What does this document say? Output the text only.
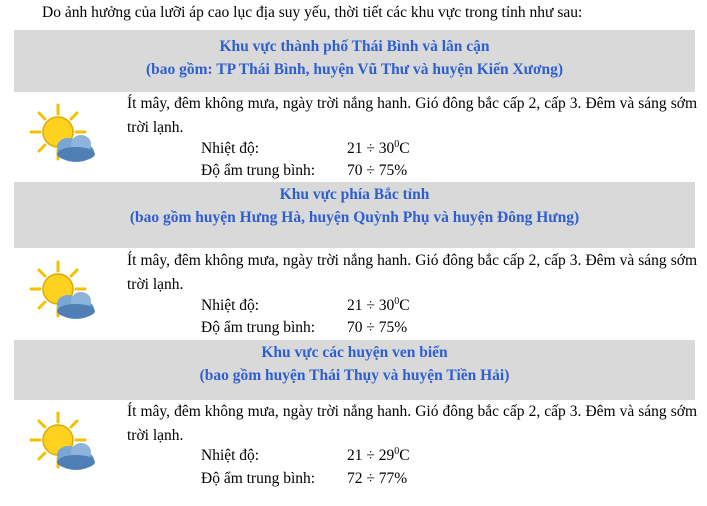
Do ảnh hưởng của lưỡi áp cao lục địa suy yếu, thời tiết các khu vực trong tỉnh như sau:
Khu vực thành phố Thái Bình và lân cận
(bao gồm: TP Thái Bình, huyện Vũ Thư và huyện Kiến Xương)
Ít mây, đêm không mưa, ngày trời nắng hanh. Gió đông bắc cấp 2, cấp 3. Đêm và sáng sớm trời lạnh.
Nhiệt độ:	$21 \div 30^0C$
Độ ẩm trung bình: 70 ÷ 75%
Khu vực phía Bắc tỉnh
(bao gồm huyện Hưng Hà, huyện Quỳnh Phụ và huyện Đông Hưng)
Ít mây, đêm không mưa, ngày trời nắng hanh. Gió đông bắc cấp 2, cấp 3. Đêm và sáng sớm trời lạnh.
Nhiệt độ:	$21 \div 30^0C$
Độ ẩm trung bình: 70 ÷ 75%
Khu vực các huyện ven biển
(bao gồm huyện Thái Thụy và huyện Tiền Hải)
Ít mây, đêm không mưa, ngày trời nắng hanh. Gió đông bắc cấp 2, cấp 3. Đêm và sáng sớm trời lạnh.
Nhiệt độ:	$21 \div 29^0C$
Độ ẩm trung bình: 72 ÷ 77%
